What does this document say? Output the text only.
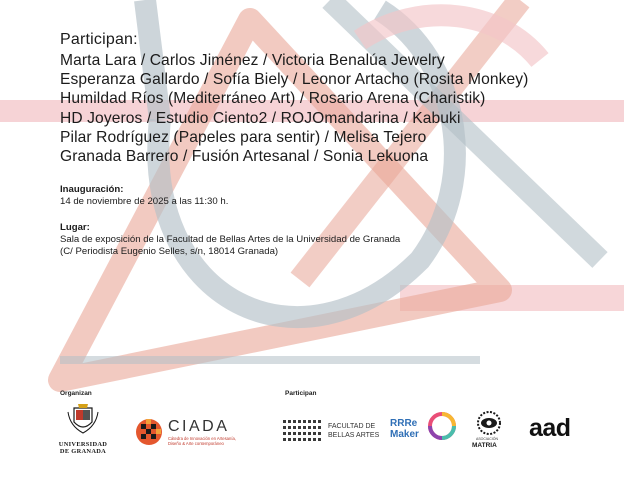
Participan:
Marta Lara / Carlos Jiménez / Victoria Benalúa Jewelry
Esperanza Gallardo / Sofía Biely / Leonor Artacho (Rosita Monkey)
Humildad Ríos (Mediterráneo Art) / Rosario Arena (Charistik)
HD Joyeros / Estudio Ciento2 / ROJOmandarina / Kabuki
Pilar Rodríguez (Papeles para sentir) / Melisa Tejero
Granada Barrero / Fusión Artesanal / Sonia Lekuona
Inauguración:
14 de noviembre de 2025 a las 11:30 h.
Lugar:
Sala de exposición de la Facultad de Bellas Artes de la Universidad de Granada
(C/ Periodista Eugenio Selles, s/n, 18014 Granada)
Organizan	Participan
UNIVERSIDAD
DE GRANADA
CIADA
Cátedra de Innovación en Artesanía,
Diseño & Arte contemporáneo
FACULTAD DE
BELLAS ARTES
RRRe
Maker	ASOCIACIÓN
MATRIA
aad
